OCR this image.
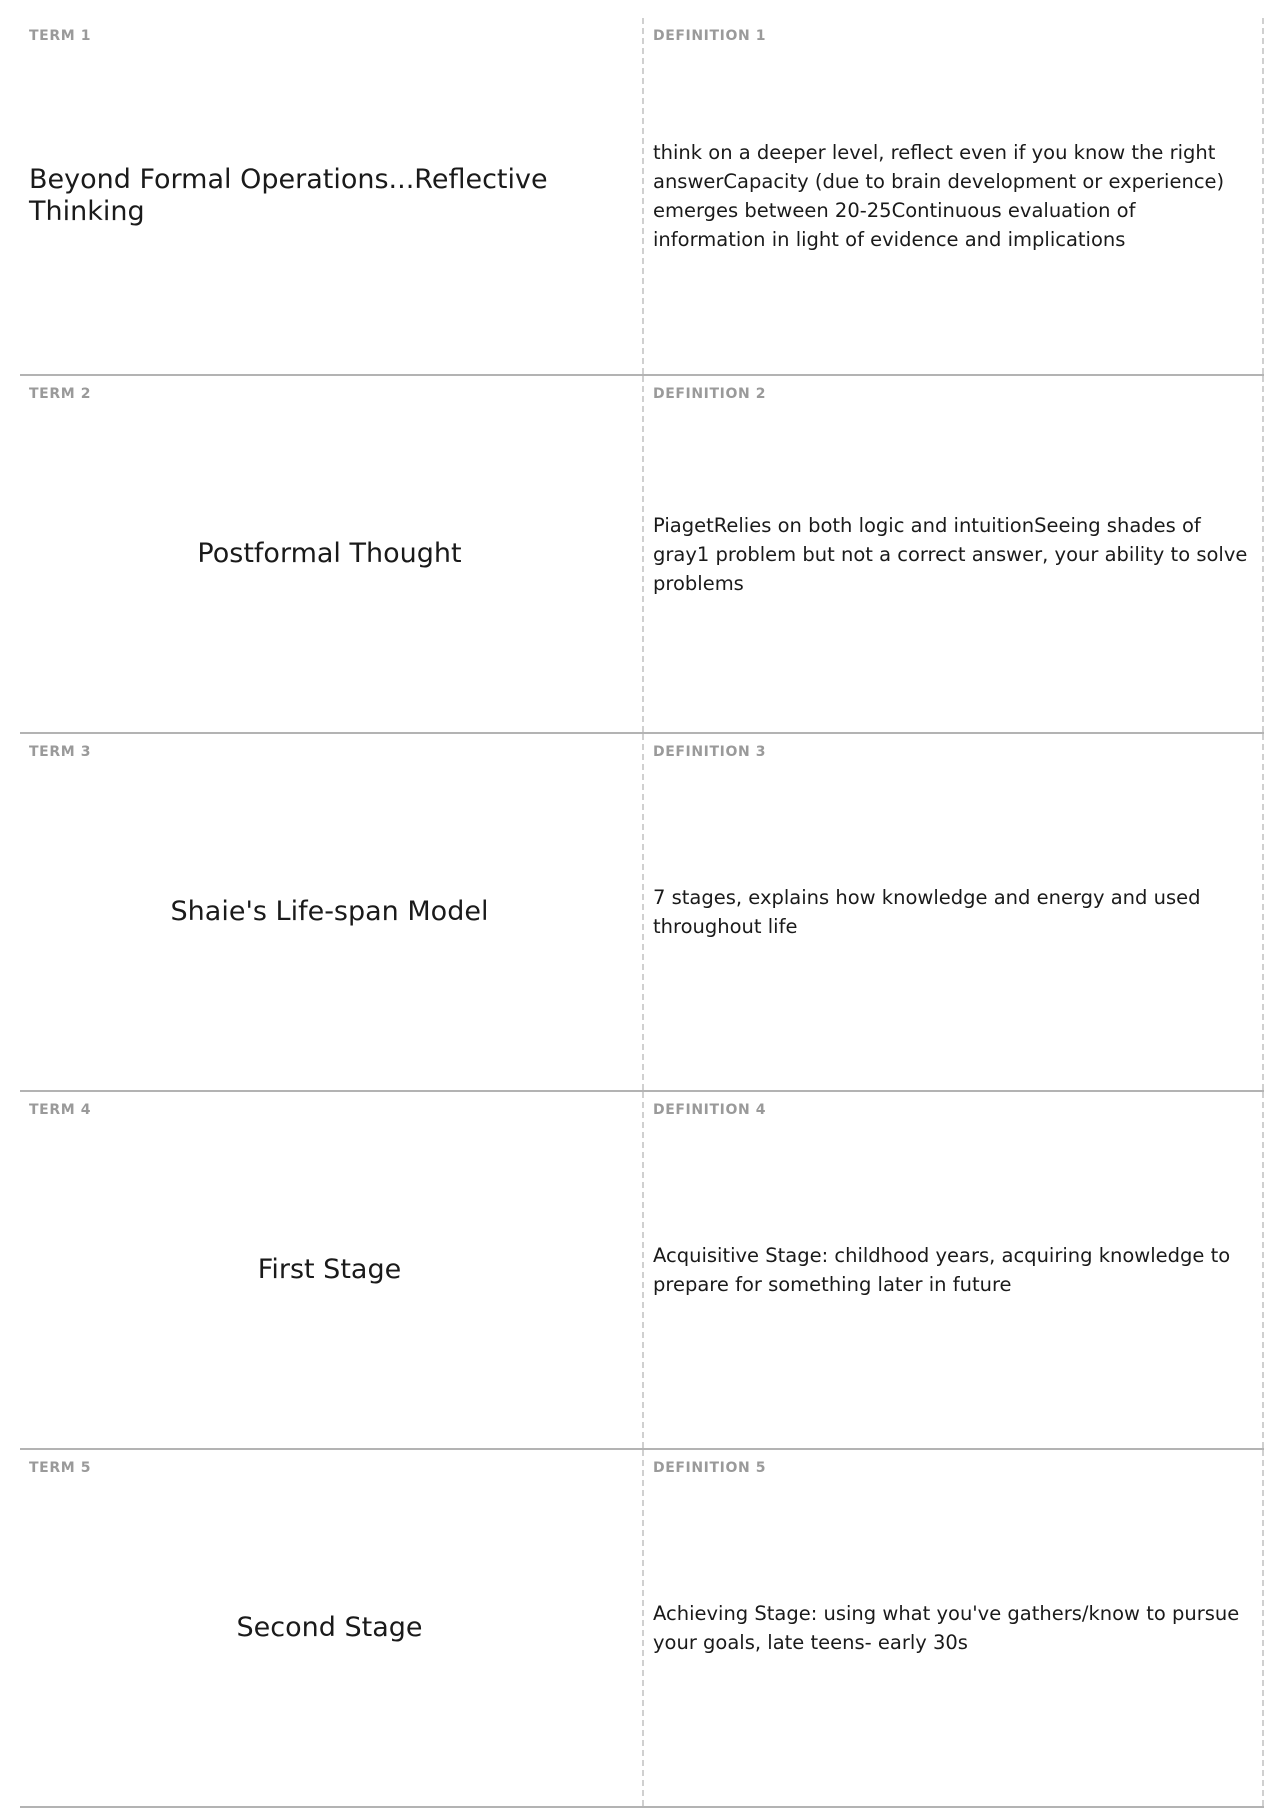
TERM 1
Beyond Formal Operations...Reflective Thinking
DEFINITION 1
think on a deeper level, reflect even if you know the right answerCapacity (due to brain development or experience) emerges between 20-25Continuous evaluation of information in light of evidence and implications
TERM 2
Postformal Thought
DEFINITION 2
PiagetRelies on both logic and intuitionSeeing shades of gray1 problem but not a correct answer, your ability to solve problems
TERM 3
Shaie's Life-span Model
DEFINITION 3
7 stages, explains how knowledge and energy and used throughout life
TERM 4
First Stage
DEFINITION 4
Acquisitive Stage: childhood years, acquiring knowledge to prepare for something later in future
TERM 5
Second Stage
DEFINITION 5
Achieving Stage: using what you've gathers/know to pursue your goals, late teens- early 30s
